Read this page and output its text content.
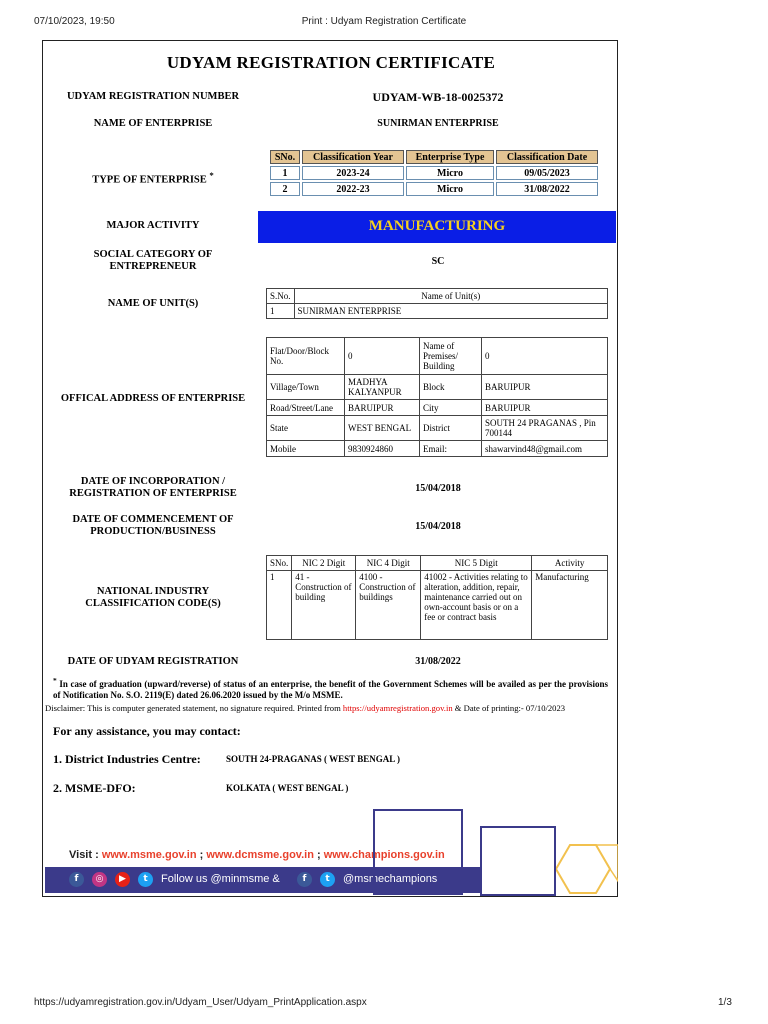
07/10/2023, 19:50	Print : Udyam Registration Certificate
UDYAM REGISTRATION CERTIFICATE
UDYAM REGISTRATION NUMBER	UDYAM-WB-18-0025372
NAME OF ENTERPRISE	SUNIRMAN ENTERPRISE
TYPE OF ENTERPRISE *
SNo.	Classification Year	Enterprise Type	Classification Date
1	2023-24	Micro	09/05/2023
2	2022-23	Micro	31/08/2022
MAJOR ACTIVITY	MANUFACTURING
SOCIAL CATEGORY OF
ENTREPRENEUR	SC
NAME OF UNIT(S)
S.No.	Name of Unit(s)
1	SUNIRMAN ENTERPRISE
OFFICAL ADDRESS OF ENTERPRISE
Flat/Door/Block No.	0	Name of Premises/ Building	0
Village/Town	MADHYA KALYANPUR	Block	BARUIPUR
Road/Street/Lane	BARUIPUR	City	BARUIPUR
State	WEST BENGAL	District	SOUTH 24 PRAGANAS , Pin 700144
Mobile	9830924860	Email:	shawarvind48@gmail.com
DATE OF INCORPORATION /
REGISTRATION OF ENTERPRISE	15/04/2018
DATE OF COMMENCEMENT OF
PRODUCTION/BUSINESS	15/04/2018
NATIONAL INDUSTRY
CLASSIFICATION CODE(S)
SNo.	NIC 2 Digit	NIC 4 Digit	NIC 5 Digit	Activity
1	41 - Construction of building	4100 - Construction of buildings	41002 - Activities relating to alteration, addition, repair, maintenance carried out on own-account basis or on a fee or contract basis	Manufacturing
DATE OF UDYAM REGISTRATION	31/08/2022
* In case of graduation (upward/reverse) of status of an enterprise, the benefit of the Government Schemes will be availed as per the provisions of Notification No. S.O. 2119(E) dated 26.06.2020 issued by the M/o MSME.
Disclaimer: This is computer generated statement, no signature required. Printed from https://udyamregistration.gov.in & Date of printing:- 07/10/2023
For any assistance, you may contact:
1. District Industries Centre:	SOUTH 24-PRAGANAS ( WEST BENGAL )
2. MSME-DFO:	KOLKATA ( WEST BENGAL )
Visit : www.msme.gov.in ; www.dcmsme.gov.in ; www.champions.gov.in
f	◎	▶	t	Follow us @minmsme &	f	t	@msmechampions
https://udyamregistration.gov.in/Udyam_User/Udyam_PrintApplication.aspx	1/3
